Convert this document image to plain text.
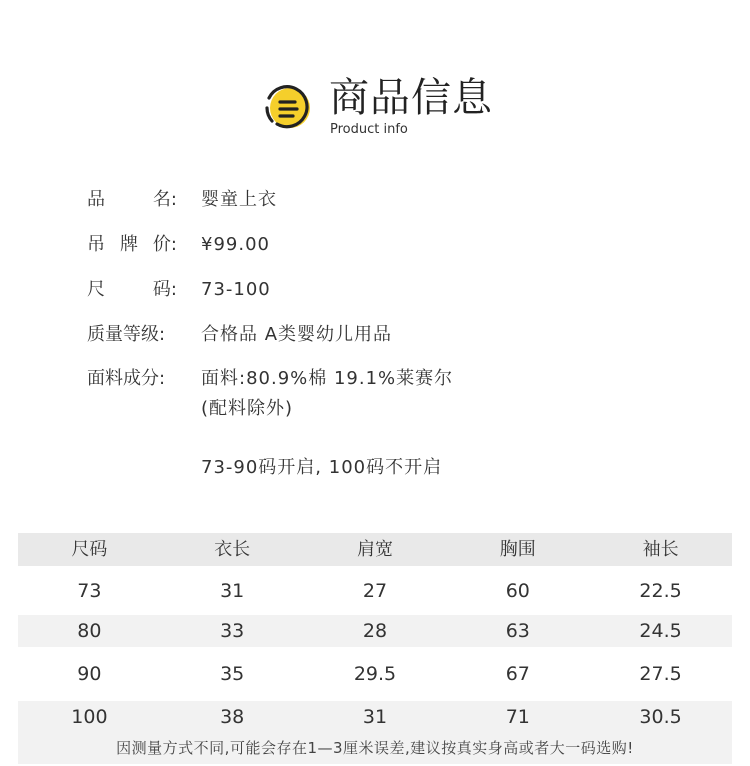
商品信息
Product info
品	名: 婴童上衣
吊 牌 价: ¥99.00
尺	码: 73-100
质量等级:	合格品 A类婴幼儿用品
面料成分:	面料:80.9%棉 19.1%莱赛尔
(配料除外)
73-90码开启, 100码不开启
尺码	衣长	肩宽	胸围	袖长
73	31	27	60	22.5
80	33	28	63	24.5
90	35	29.5	67	27.5
100	38	31	71	30.5
因测量方式不同,可能会存在1—3厘米误差,建议按真实身高或者大一码选购!
